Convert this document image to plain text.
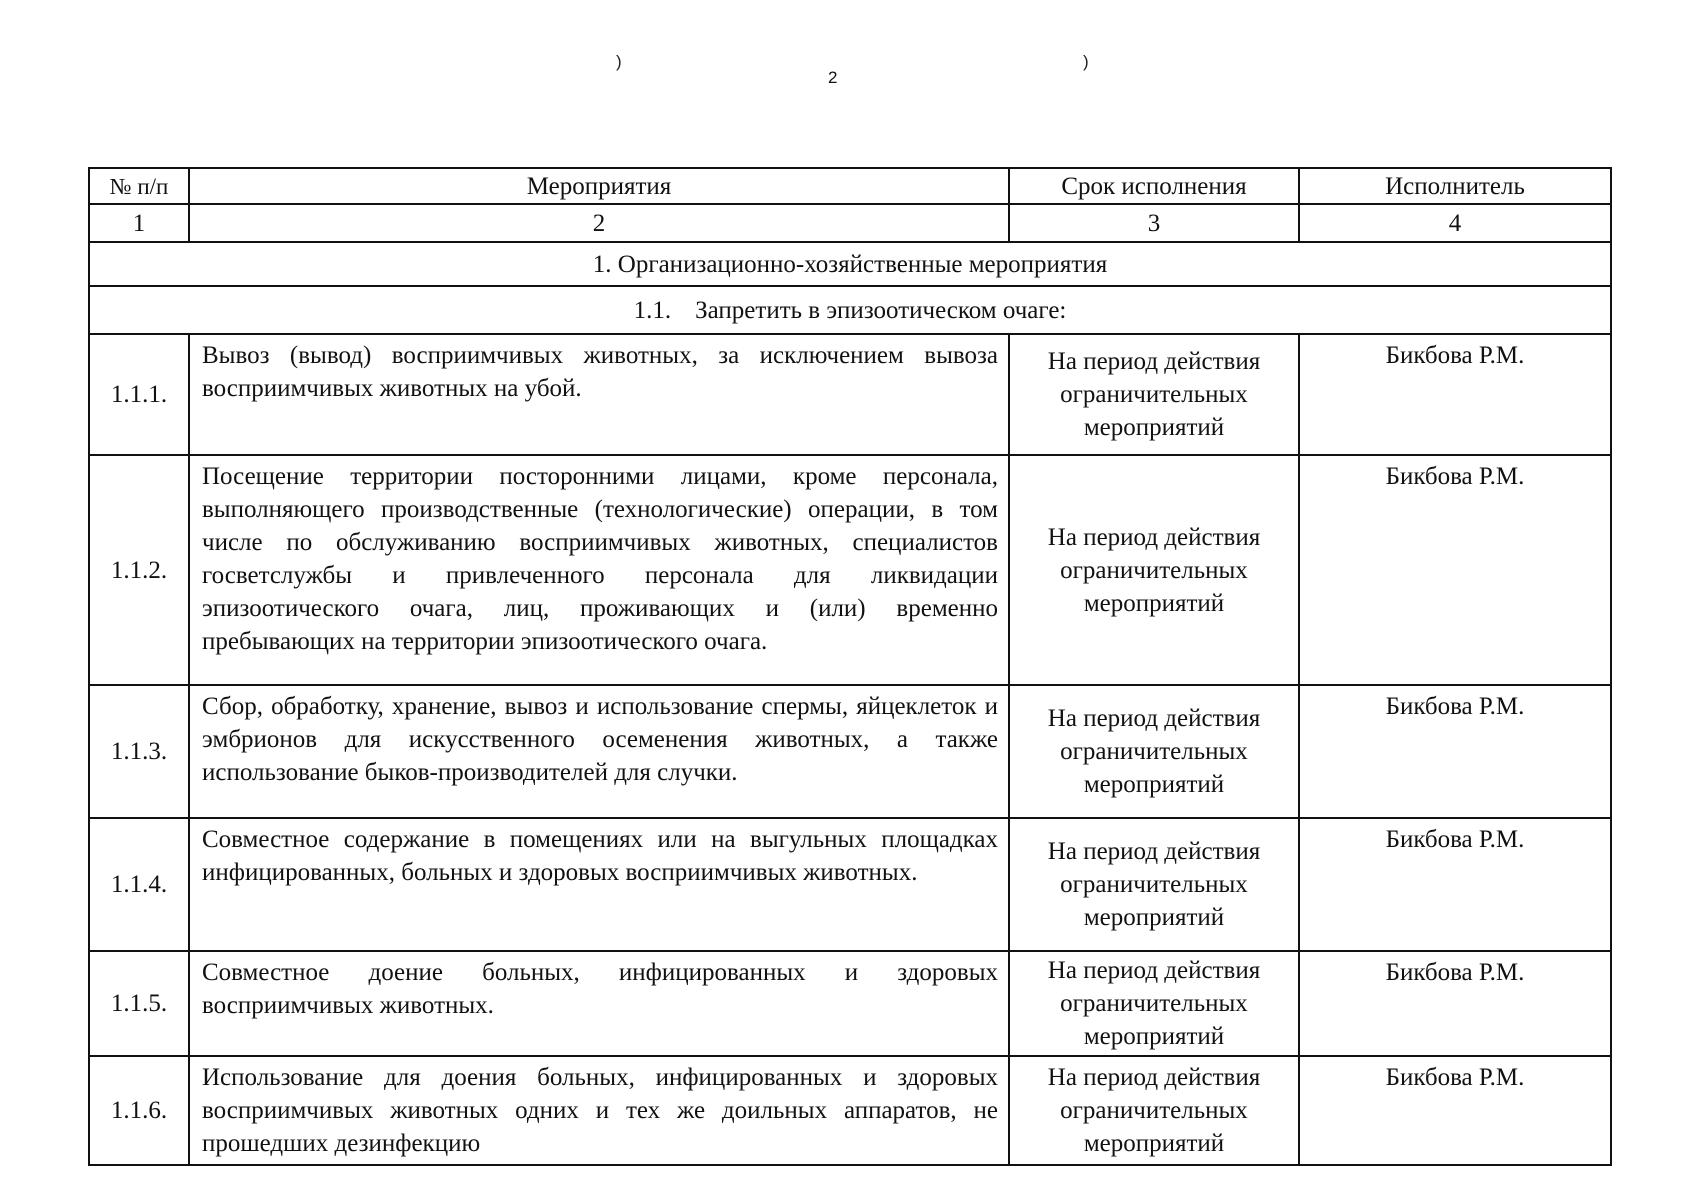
)	)
2
№ п/п	Мероприятия	Срок исполнения	Исполнитель
1	2	3	4
1. Организационно-хозяйственные мероприятия			
1.1. Запретить в эпизоотическом очаге:			
1.1.1.	Вывоз (вывод) восприимчивых животных, за исключением вывоза восприимчивых животных на убой.	На период действия ограничительных мероприятий	Бикбова Р.М.
1.1.2.	Посещение территории посторонними лицами, кроме персонала, выполняющего производственные (технологические) операции, в том числе по обслуживанию восприимчивых животных, специалистов госветслужбы и привлеченного персонала для ликвидации эпизоотического очага, лиц, проживающих и (или) временно пребывающих на территории эпизоотического очага.	На период действия ограничительных мероприятий	Бикбова Р.М.
1.1.3.	Сбор, обработку, хранение, вывоз и использование спермы, яйцеклеток и эмбрионов для искусственного осеменения животных, а также использование быков-производителей для случки.	На период действия ограничительных мероприятий	Бикбова Р.М.
1.1.4.	Совместное содержание в помещениях или на выгульных площадках инфицированных, больных и здоровых восприимчивых животных.	На период действия ограничительных мероприятий	Бикбова Р.М.
1.1.5.	Совместное доение больных, инфицированных и здоровых восприимчивых животных.	На период действия ограничительных мероприятий	Бикбова Р.М.
1.1.6.	Использование для доения больных, инфицированных и здоровых восприимчивых животных одних и тех же доильных аппаратов, не прошедших дезинфекцию	На период действия ограничительных мероприятий	Бикбова Р.М.
